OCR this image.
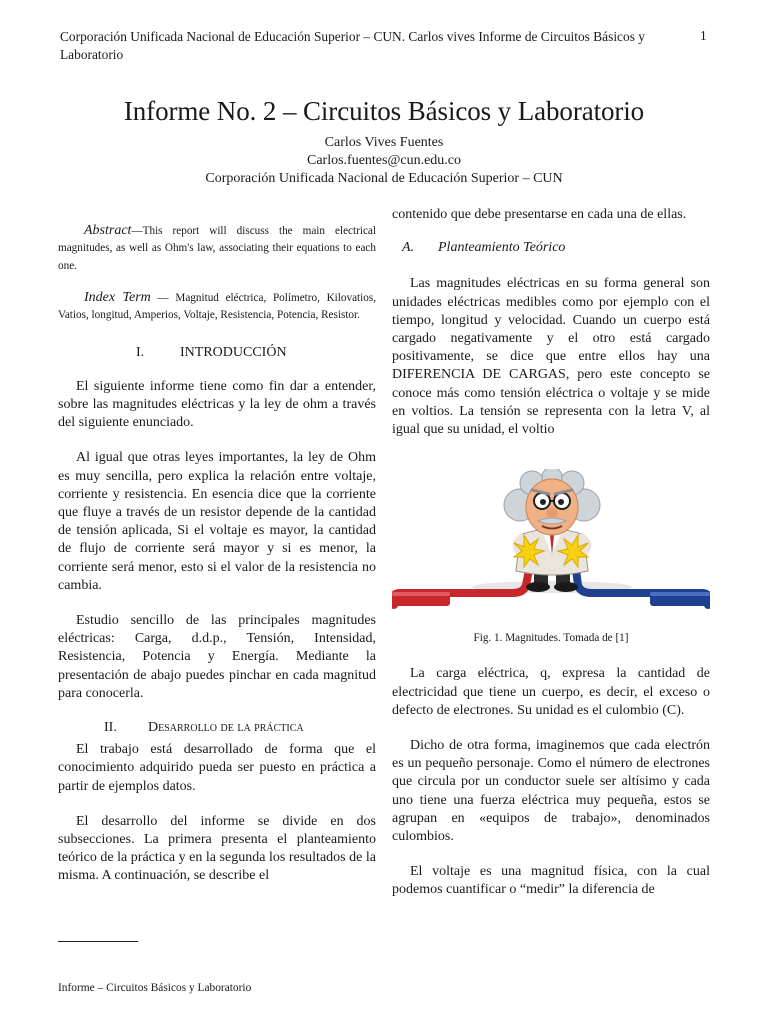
Corporación Unificada Nacional de Educación Superior – CUN. Carlos vives Informe de Circuitos Básicos y Laboratorio
1
Informe No. 2 – Circuitos Básicos y Laboratorio
Carlos Vives Fuentes
Carlos.fuentes@cun.edu.co
Corporación Unificada Nacional de Educación Superior – CUN

Abstract—This report will discuss the main electrical magnitudes, as well as Ohm's law, associating their equations to each one.

Index Term — Magnitud eléctrica, Polímetro, Kilovatios, Vatios, longitud, Amperios, Voltaje, Resistencia, Potencia, Resistor.

I.	INTRODUCCIÓN

El siguiente informe tiene como fin dar a entender, sobre las magnitudes eléctricas y la ley de ohm a través del siguiente enunciado.

Al igual que otras leyes importantes, la ley de Ohm es muy sencilla, pero explica la relación entre voltaje, corriente y resistencia. En esencia dice que la corriente que fluye a través de un resistor depende de la cantidad de tensión aplicada, Si el voltaje es mayor, la cantidad de flujo de corriente será mayor y si es menor, la corriente será menor, esto si el valor de la resistencia no cambia.

Estudio sencillo de las principales magnitudes eléctricas: Carga, d.d.p., Tensión, Intensidad, Resistencia, Potencia y Energía. Mediante la presentación de abajo puedes pinchar en cada magnitud para conocerla.

II. Desarrollo de la práctica

El trabajo está desarrollado de forma que el conocimiento adquirido pueda ser puesto en práctica a partir de ejemplos datos.

El desarrollo del informe se divide en dos subsecciones. La primera presenta el planteamiento teórico de la práctica y en la segunda los resultados de la misma. A continuación, se describe el

contenido que debe presentarse en cada una de ellas.

A. Planteamiento Teórico

Las magnitudes eléctricas en su forma general son unidades eléctricas medibles como por ejemplo con el tiempo, longitud y velocidad. Cuando un cuerpo está cargado negativamente y el otro está cargado positivamente, se dice que entre ellos hay una DIFERENCIA DE CARGAS, pero este concepto se conoce más como tensión eléctrica o voltaje y se mide en voltios. La tensión se representa con la letra V, al igual que su unidad, el voltio

Fig. 1. Magnitudes. Tomada de [1]

La carga eléctrica, q, expresa la cantidad de electricidad que tiene un cuerpo, es decir, el exceso o defecto de electrones. Su unidad es el culombio (C).

Dicho de otra forma, imaginemos que cada electrón es un pequeño personaje. Como el número de electrones que circula por un conductor suele ser altísimo y cada uno tiene una fuerza eléctrica muy pequeña, estos se agrupan en «equipos de trabajo», denominados culombios.

El voltaje es una magnitud física, con la cual podemos cuantificar o “medir” la diferencia de

Informe – Circuitos Básicos y Laboratorio
